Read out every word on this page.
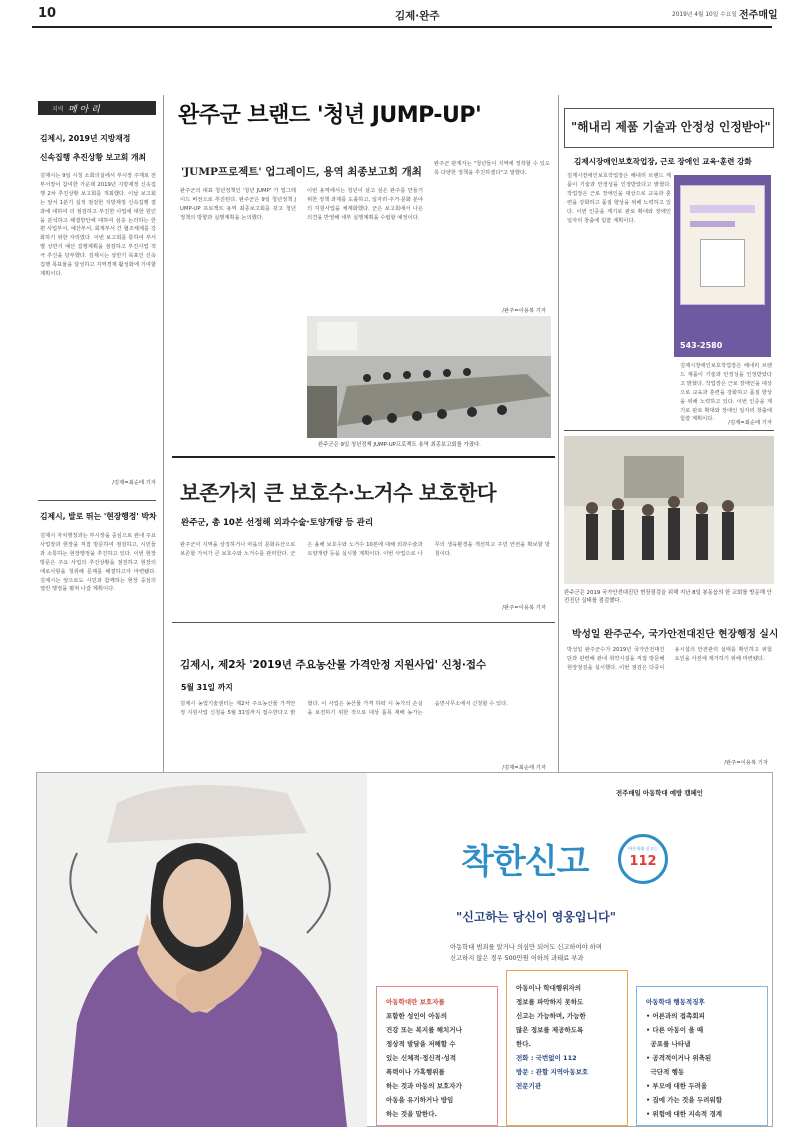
10	김제·완주	2019년 4월 10일 수요일 전주매일
지역 메 아 리
김제시, 2019년 지방재정
신속집행 추진상황 보고회 개최
김제시는 9일 시청 소회의실에서 부시장 주재로 전 부서장이 참여한 가운데 2019년 지방재정 신속집행 2차 추진상황 보고회를 개최했다. 이날 보고회는 앞서 1분기 실적 점검한 지방재정 신속집행 결과에 대하여 더 점검하고 부진한 사업에 대한 원인을 분석하고 해결방안에 대하여 심층 논의하는 한편 사업부서, 예산부서, 회계부서 간 협조체계를 강화하기 위한 자리였다. 이번 보고회를 통하여 부서별 상반기 예산 집행계획을 점검하고 부진사업 적극 추진을 당부했다. 김제시는 상반기 목표인 신속집행 목표율을 달성하고 지역경제 활성화에 기여할 계획이다.
/김제=최순태 기자
김제시, 발로 뛰는 '현장행정' 박차
김제시 자치행정과는 부시장을 중심으로 관내 주요 사업장과 현장을 직접 방문하여 점검하고, 시민들과 소통하는 현장행정을 추진하고 있다. 이번 현장 방문은 주요 사업의 추진상황을 점검하고 현장의 애로사항을 청취해 문제를 해결하고자 마련됐다. 김제시는 앞으로도 시민과 함께하는 현장 중심의 열린 행정을 펼쳐 나갈 계획이다.
완주군 브랜드 '청년 JUMP-UP'
'JUMP프로젝트' 업그레이드, 용역 최종보고회 개최
완주군의 대표 청년정책인 '청년 JUMP' 가 업그레이드 버전으로 추진된다. 완주군은 9일 청년정책 JUMP-UP 프로젝트 용역 최종보고회를 갖고 청년 정책의 방향과 실행계획을 논의했다.
이번 용역에서는 청년이 살고 싶은 완주를 만들기 위한 정책 과제를 도출하고, 일자리·주거·문화 분야의 지원사업을 체계화했다. 군은 보고회에서 나온 의견을 반영해 세부 실행계획을 수립할 예정이다.
완주군 관계자는 "청년들이 지역에 정착할 수 있도록 다양한 정책을 추진하겠다"고 말했다.
/완주=이용복 기자
완주군은 9일 청년정책 JUMP-UP프로젝트 용역 최종보고회를 가졌다.
보존가치 큰 보호수·노거수 보호한다
완주군, 총 10본 선정해 외과수술·토양개량 등 관리
완주군이 지역을 상징하거나 마을의 문화유산으로 보존할 가치가 큰 보호수와 노거수를 관리한다. 군은 올해 보호수와 노거수 10본에 대해 외과수술과 토양개량 등을 실시할 계획이다. 이번 사업으로 나무의 생육환경을 개선하고 주민 안전을 확보할 방침이다.
/완주=이용복 기자
김제시, 제2차 '2019년 주요농산물 가격안정 지원사업' 신청·접수
5월 31일 까지
김제시 농업기술센터는 제2차 주요농산물 가격안정 지원사업 신청을 5월 31일까지 접수한다고 밝혔다. 이 사업은 농산물 가격 하락 시 농가의 손실을 보전하기 위한 것으로 대상 품목 재배 농가는 읍면사무소에서 신청할 수 있다.
/김제=최순태 기자
"해내리 제품 기술과 안정성 인정받아"
김제시장애인보호작업장, 근로 장애인 교육·훈련 강화
543-2580
김제시장애인보호작업장은 해내리 브랜드 제품이 기술과 안정성을 인정받았다고 밝혔다. 작업장은 근로 장애인을 대상으로 교육과 훈련을 강화하고 품질 향상을 위해 노력하고 있다. 이번 인증을 계기로 판로 확대와 장애인 일자리 창출에 힘쓸 계획이다.
김제시장애인보호작업장은 해내리 브랜드 제품이 기술과 안정성을 인정받았다고 밝혔다. 작업장은 근로 장애인을 대상으로 교육과 훈련을 강화하고 품질 향상을 위해 노력하고 있다. 이번 인증을 계기로 판로 확대와 장애인 일자리 창출에 힘쓸 계획이다.
/김제=최순태 기자
완주군은 2019 국가안전대진단 현장점검을 위해 지난 8일 봉동읍의 한 교회를 방문해 안전진단 실태를 점검했다.
박성일 완주군수, 국가안전대진단 현장행정 실시
박성일 완주군수가 2019년 국가안전대진단과 관련해 관내 취약시설을 직접 방문해 현장점검을 실시했다. 이번 점검은 다중이용시설의 안전관리 실태를 확인하고 위험요인을 사전에 제거하기 위해 마련됐다.
/완주=이용복 기자
전주매일 아동학대 예방 캠페인
착한신고	아동학대 신고는
112
"신고하는 당신이 영웅입니다"
아동학대 범죄를 알거나 의심만 되어도 신고하여야 하며
신고하지 않은 경우 500만원 이하의 과태료 부과
아동학대란 보호자를
포함한 성인이 아동의
건강 또는 복지를 해치거나
정상적 발달을 저해할 수
있는 신체적·정신적·성적
폭력이나 가혹행위를
하는 것과 아동의 보호자가
아동을 유기하거나 방임
하는 것을 말한다.
아동이나 학대행위자의
정보를 파악하지 못하도
신고는 가능하며, 가능한
많은 정보를 제공하도록
한다.
전화 : 국번없이 112
방문 : 관할 지역아동보호
전문기관
아동학대 행동적징후
• 어른과의 접촉회피
• 다른 아동이 울 때
공포를 나타냄
• 공격적이거나 위축된
극단적 행동
• 부모에 대한 두려움
• 집에 가는 것을 두려워함
• 위험에 대한 지속적 경계
